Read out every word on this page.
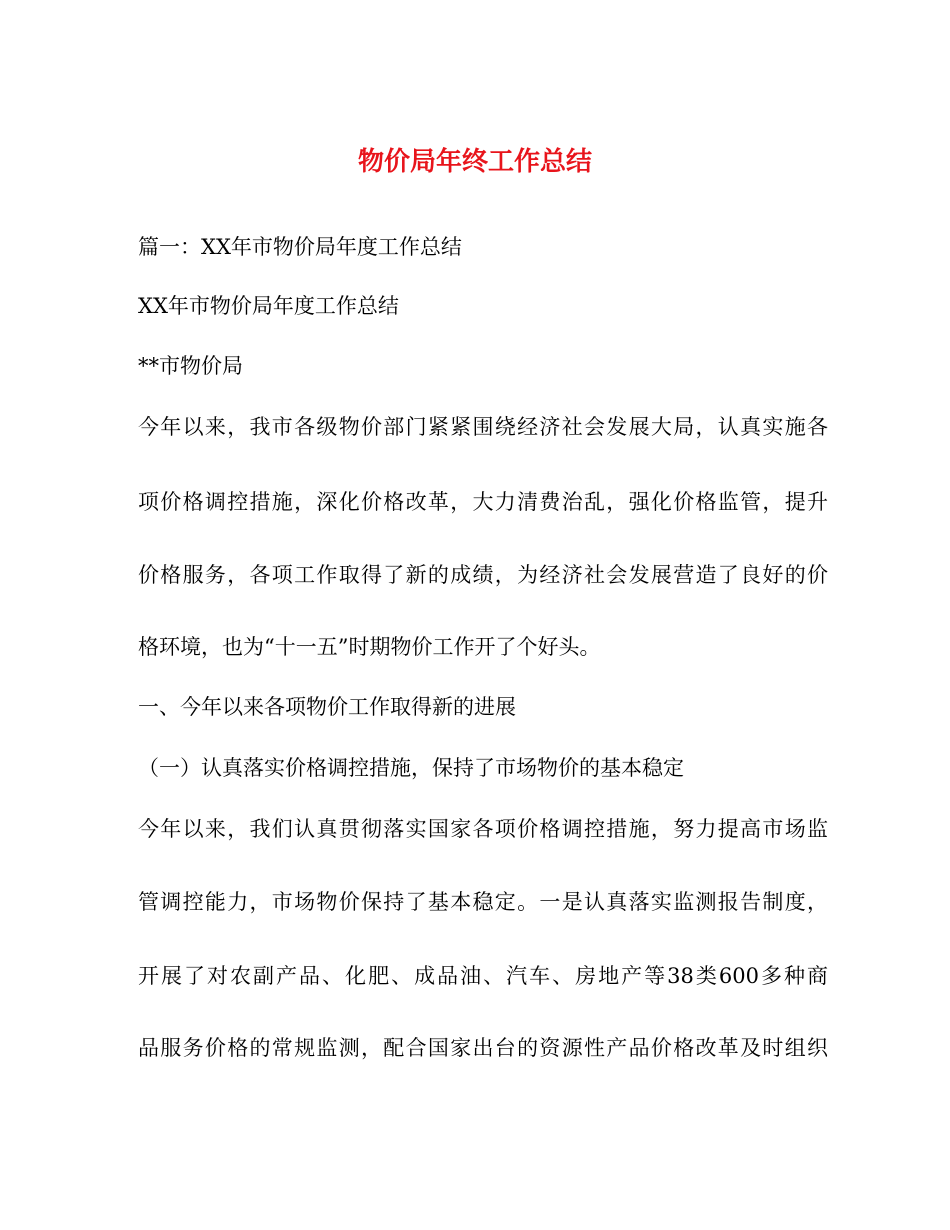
物价局年终工作总结

篇一：XX年市物价局年度工作总结

XX年市物价局年度工作总结

**市物价局

今年以来，我市各级物价部门紧紧围绕经济社会发展大局，认真实施各

项价格调控措施，深化价格改革，大力清费治乱，强化价格监管，提升

价格服务，各项工作取得了新的成绩，为经济社会发展营造了良好的价

格环境，也为“十一五”时期物价工作开了个好头。

一、今年以来各项物价工作取得新的进展

（一）认真落实价格调控措施，保持了市场物价的基本稳定

今年以来，我们认真贯彻落实国家各项价格调控措施，努力提高市场监

管调控能力，市场物价保持了基本稳定。一是认真落实监测报告制度，

开展了对农副产品、化肥、成品油、汽车、房地产等38类600多种商

品服务价格的常规监测，配合国家出台的资源性产品价格改革及时组织
